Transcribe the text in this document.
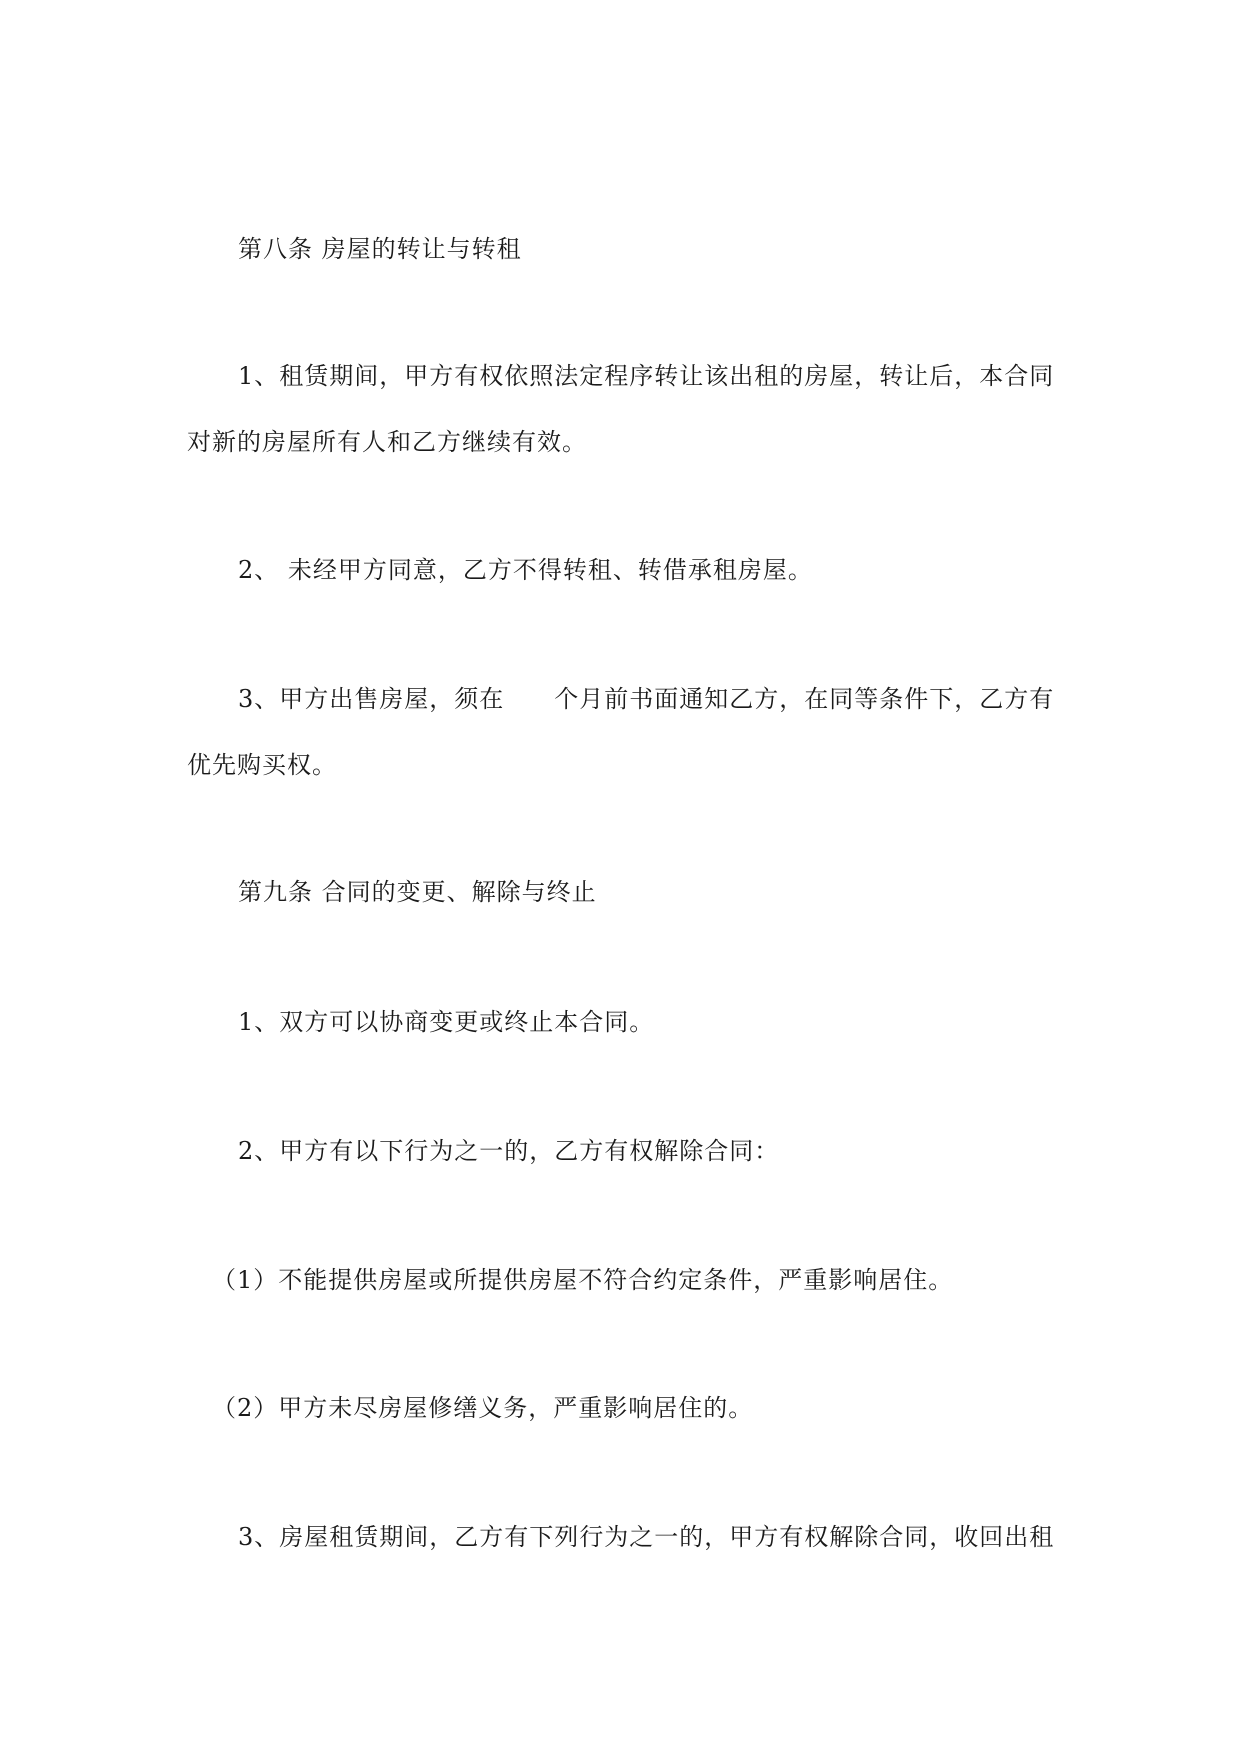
第八条 房屋的转让与转租
1、租赁期间，甲方有权依照法定程序转让该出租的房屋，转让后，本合同
对新的房屋所有人和乙方继续有效。
2、 未经甲方同意，乙方不得转租、转借承租房屋。
3、甲方出售房屋，须在 个月前书面通知乙方，在同等条件下，乙方有
优先购买权。
第九条 合同的变更、解除与终止
1、双方可以协商变更或终止本合同。
2、甲方有以下行为之一的，乙方有权解除合同：
（1）不能提供房屋或所提供房屋不符合约定条件，严重影响居住。
（2）甲方未尽房屋修缮义务，严重影响居住的。
3、房屋租赁期间，乙方有下列行为之一的，甲方有权解除合同，收回出租
